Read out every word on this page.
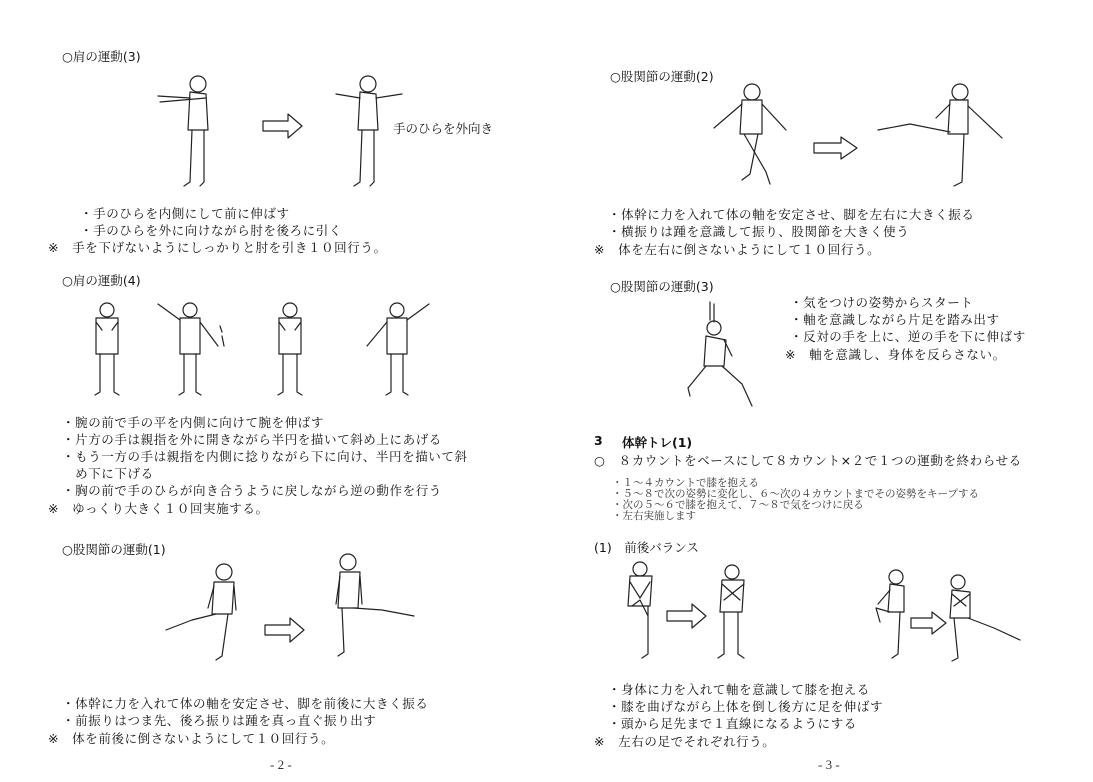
○肩の運動(3)
手のひらを外向き
・手のひらを内側にして前に伸ばす
・手のひらを外に向けながら肘を後ろに引く
※　手を下げないようにしっかりと肘を引き１０回行う。
○肩の運動(4)
・腕の前で手の平を内側に向けて腕を伸ばす
・片方の手は親指を外に開きながら半円を描いて斜め上にあげる
・もう一方の手は親指を内側に捻りながら下に向け、半円を描いて斜
　め下に下げる
・胸の前で手のひらが向き合うように戻しながら逆の動作を行う
※　ゆっくり大きく１０回実施する。
○股関節の運動(1)
・体幹に力を入れて体の軸を安定させ、脚を前後に大きく振る
・前振りはつま先、後ろ振りは踵を真っ直ぐ振り出す
※　体を前後に倒さないようにして１０回行う。
- 2 -
○股関節の運動(2)
・体幹に力を入れて体の軸を安定させ、脚を左右に大きく振る
・横振りは踵を意識して振り、股関節を大きく使う
※　体を左右に倒さないようにして１０回行う。
○股関節の運動(3)
・気をつけの姿勢からスタート
・軸を意識しながら片足を踏み出す
・反対の手を上に、逆の手を下に伸ばす
※　軸を意識し、身体を反らさない。
3 体幹トレ(1)
○　８カウントをベースにして８カウント×２で１つの運動を終わらせる
・１～４カウントで膝を抱える
・５～８で次の姿勢に変化し、６～次の４カウントまでその姿勢をキープする
・次の５～６で膝を抱えて、７～８で気をつけに戻る
・左右実施します
(1)　前後バランス
・身体に力を入れて軸を意識して膝を抱える
・膝を曲げながら上体を倒し後方に足を伸ばす
・頭から足先まで１直線になるようにする
※　左右の足でそれぞれ行う。
- 3 -
